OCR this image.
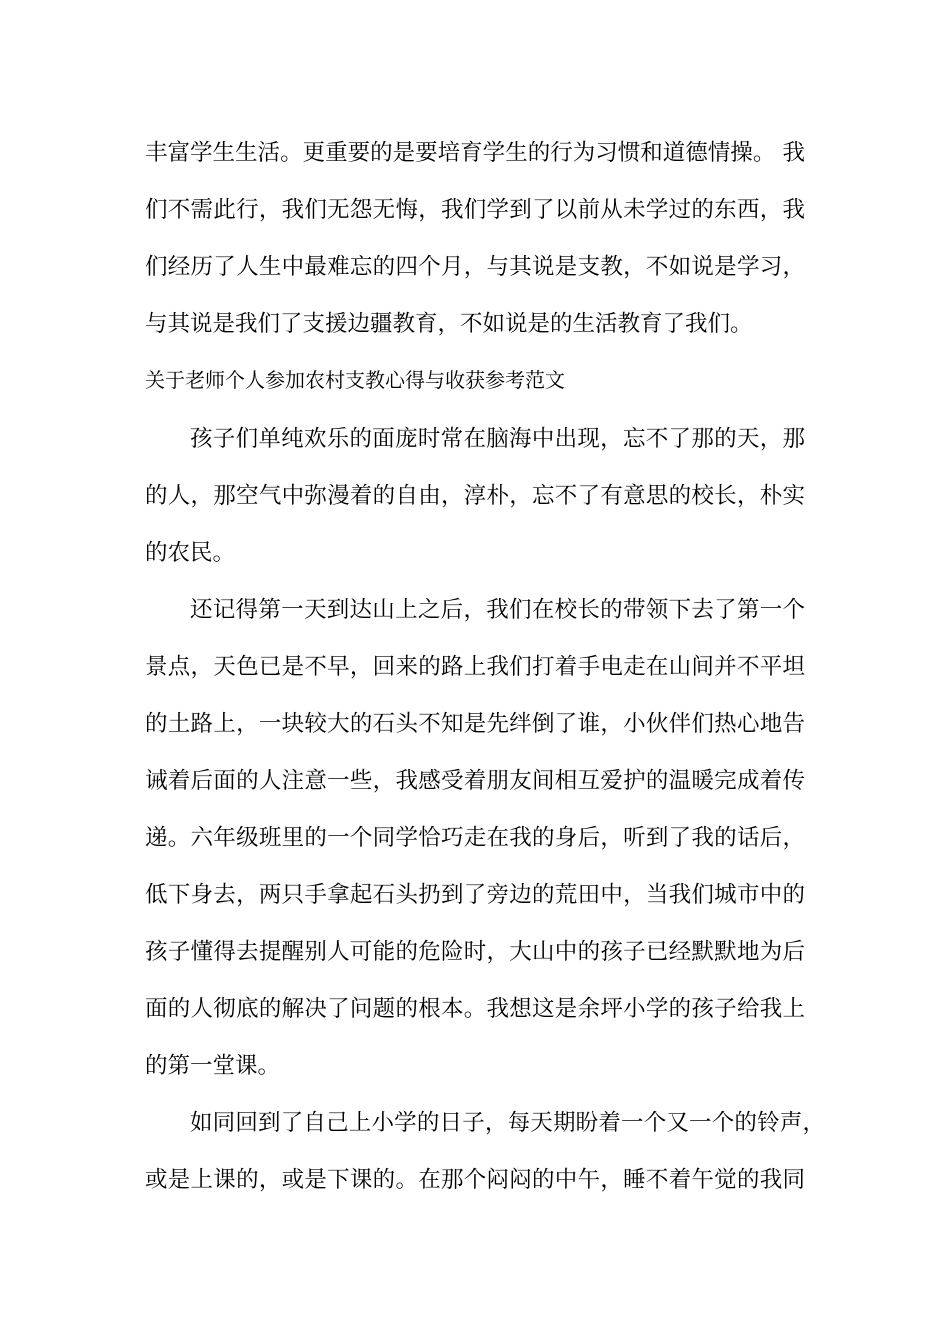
丰富学生生活。更重要的是要培育学生的行为习惯和道德情操。 我
们不需此行，我们无怨无悔，我们学到了以前从未学过的东西，我
们经历了人生中最难忘的四个月，与其说是支教，不如说是学习，
与其说是我们了支援边疆教育，不如说是的生活教育了我们。
关于老师个人参加农村支教心得与收获参考范文
孩子们单纯欢乐的面庞时常在脑海中出现，忘不了那的天，那
的人，那空气中弥漫着的自由，淳朴，忘不了有意思的校长，朴实
的农民。
还记得第一天到达山上之后，我们在校长的带领下去了第一个
景点，天色已是不早，回来的路上我们打着手电走在山间并不平坦
的土路上，一块较大的石头不知是先绊倒了谁，小伙伴们热心地告
诫着后面的人注意一些，我感受着朋友间相互爱护的温暖完成着传
递。六年级班里的一个同学恰巧走在我的身后，听到了我的话后，
低下身去，两只手拿起石头扔到了旁边的荒田中，当我们城市中的
孩子懂得去提醒别人可能的危险时，大山中的孩子已经默默地为后
面的人彻底的解决了问题的根本。我想这是余坪小学的孩子给我上
的第一堂课。
如同回到了自己上小学的日子，每天期盼着一个又一个的铃声，
或是上课的，或是下课的。在那个闷闷的中午，睡不着午觉的我同
